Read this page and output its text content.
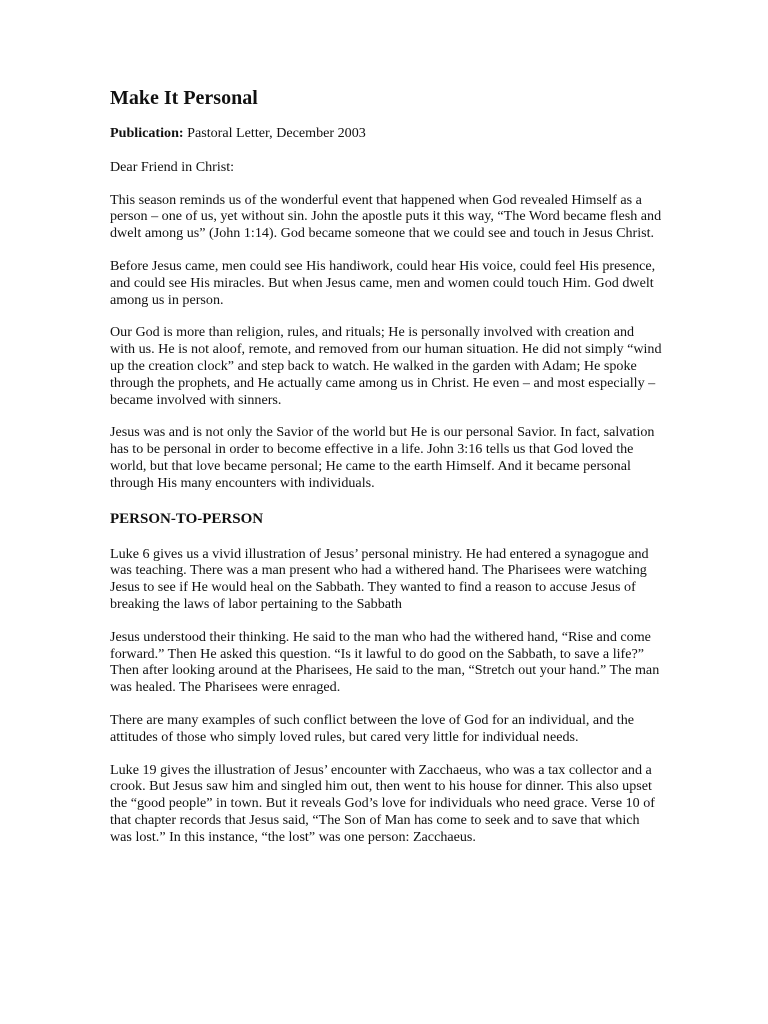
Make It Personal

Publication: Pastoral Letter, December 2003

Dear Friend in Christ:

This season reminds us of the wonderful event that happened when God revealed Himself as a person – one of us, yet without sin. John the apostle puts it this way, “The Word became flesh and dwelt among us” (John 1:14). God became someone that we could see and touch in Jesus Christ.

Before Jesus came, men could see His handiwork, could hear His voice, could feel His presence, and could see His miracles. But when Jesus came, men and women could touch Him. God dwelt among us in person.

Our God is more than religion, rules, and rituals; He is personally involved with creation and with us. He is not aloof, remote, and removed from our human situation. He did not simply “wind up the creation clock” and step back to watch. He walked in the garden with Adam; He spoke through the prophets, and He actually came among us in Christ. He even – and most especially – became involved with sinners.

Jesus was and is not only the Savior of the world but He is our personal Savior. In fact, salvation has to be personal in order to become effective in a life. John 3:16 tells us that God loved the world, but that love became personal; He came to the earth Himself. And it became personal through His many encounters with individuals.

PERSON-TO-PERSON

Luke 6 gives us a vivid illustration of Jesus’ personal ministry. He had entered a synagogue and was teaching. There was a man present who had a withered hand. The Pharisees were watching Jesus to see if He would heal on the Sabbath. They wanted to find a reason to accuse Jesus of breaking the laws of labor pertaining to the Sabbath

Jesus understood their thinking. He said to the man who had the withered hand, “Rise and come forward.” Then He asked this question. “Is it lawful to do good on the Sabbath, to save a life?” Then after looking around at the Pharisees, He said to the man, “Stretch out your hand.” The man was healed. The Pharisees were enraged.

There are many examples of such conflict between the love of God for an individual, and the attitudes of those who simply loved rules, but cared very little for individual needs.

Luke 19 gives the illustration of Jesus’ encounter with Zacchaeus, who was a tax collector and a crook. But Jesus saw him and singled him out, then went to his house for dinner. This also upset the “good people” in town. But it reveals God’s love for individuals who need grace. Verse 10 of that chapter records that Jesus said, “The Son of Man has come to seek and to save that which was lost.” In this instance, “the lost” was one person: Zacchaeus.
